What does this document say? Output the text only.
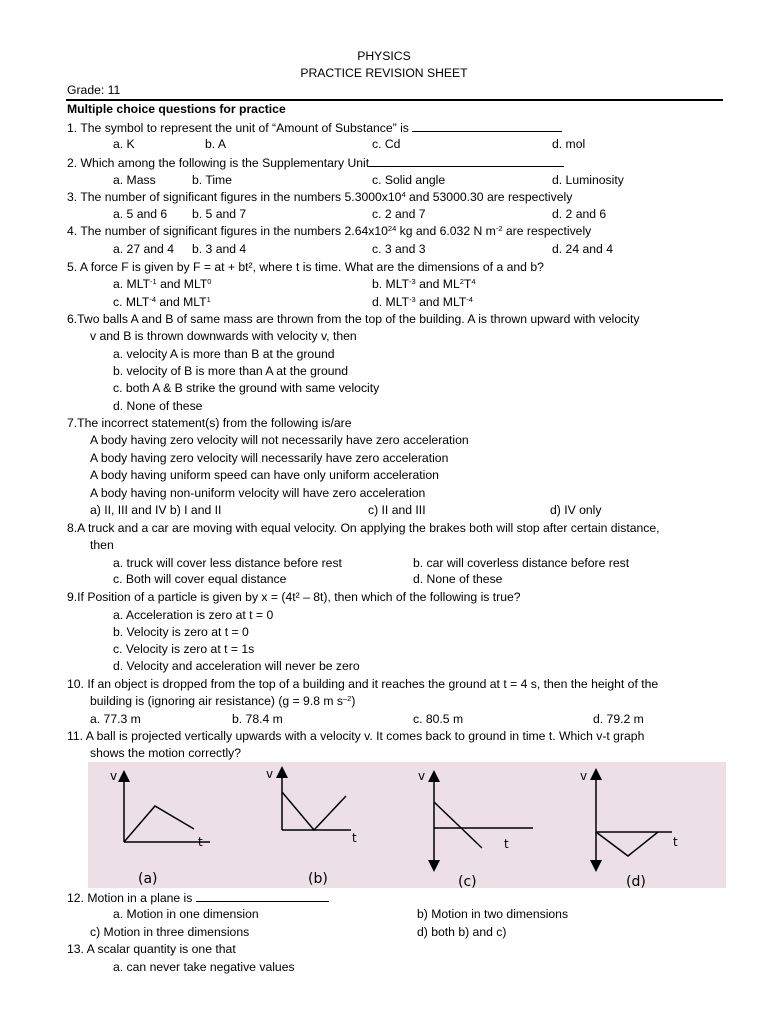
PHYSICS
PRACTICE REVISION SHEET
Grade: 11
Multiple choice questions for practice
1. The symbol to represent the unit of “Amount of Substance” is
a. K	b. A	c. Cd	d. mol
2. Which among the following is the Supplementary Unit
a. Mass	b. Time	c. Solid angle	d. Luminosity
3. The number of significant figures in the numbers $5.3000x10^4$ and 53000.30 are respectively
a. 5 and 6 b. 5 and 7	c. 2 and 7	d. 2 and 6
4. The number of significant figures in the numbers $2.64x10^{24}$ kg and 6.032 N $m^{-2}$ are respectively
a. 27 and 4 b. 3 and 4	c. 3 and 3	d. 24 and 4
5. A force F is given by F = at + bt², where t is time. What are the dimensions of a and b?
a. $MLT^{-1}$ and MLT$^0$	b. $MLT^{-3}$ and $ML^2T^4$
c. $MLT^{-4}$ and MLT$^1$	d. $MLT^{-3}$ and $MLT^{-4}$
6.Two balls A and B of same mass are thrown from the top of the building. A is thrown upward with velocity
v and B is thrown downwards with velocity v, then
a. velocity A is more than B at the ground
b. velocity of B is more than A at the ground
c. both A & B strike the ground with same velocity
d. None of these
7.The incorrect statement(s) from the following is/are
A body having zero velocity will not necessarily have zero acceleration
A body having zero velocity will necessarily have zero acceleration
A body having uniform speed can have only uniform acceleration
A body having non-uniform velocity will have zero acceleration
a) II, III and IV b) I and II	c) II and III	d) IV only
8.A truck and a car are moving with equal velocity. On applying the brakes both will stop after certain distance,
then
a. truck will cover less distance before rest	b. car will coverless distance before rest
c. Both will cover equal distance	d. None of these
9.If Position of a particle is given by x = (4t² – 8t), then which of the following is true?
a. Acceleration is zero at t = 0
b. Velocity is zero at t = 0
c. Velocity is zero at t = 1s
d. Velocity and acceleration will never be zero
10. If an object is dropped from the top of a building and it reaches the ground at t = 4 s, then the height of the
building is (ignoring air resistance) (g = 9.8 m $s^{-2}$)
a. 77.3 m	b. 78.4 m	c. 80.5 m	d. 79.2 m
11. A ball is projected vertically upwards with a velocity v. It comes back to ground in time t. Which v-t graph
shows the motion correctly?
v
t
(a)
v
t
(b)
v
t
(c)
v
t
(d)
12. Motion in a plane is
a. Motion in one dimension	b) Motion in two dimensions
c) Motion in three dimensions	d) both b) and c)
13. A scalar quantity is one that
a. can never take negative values
